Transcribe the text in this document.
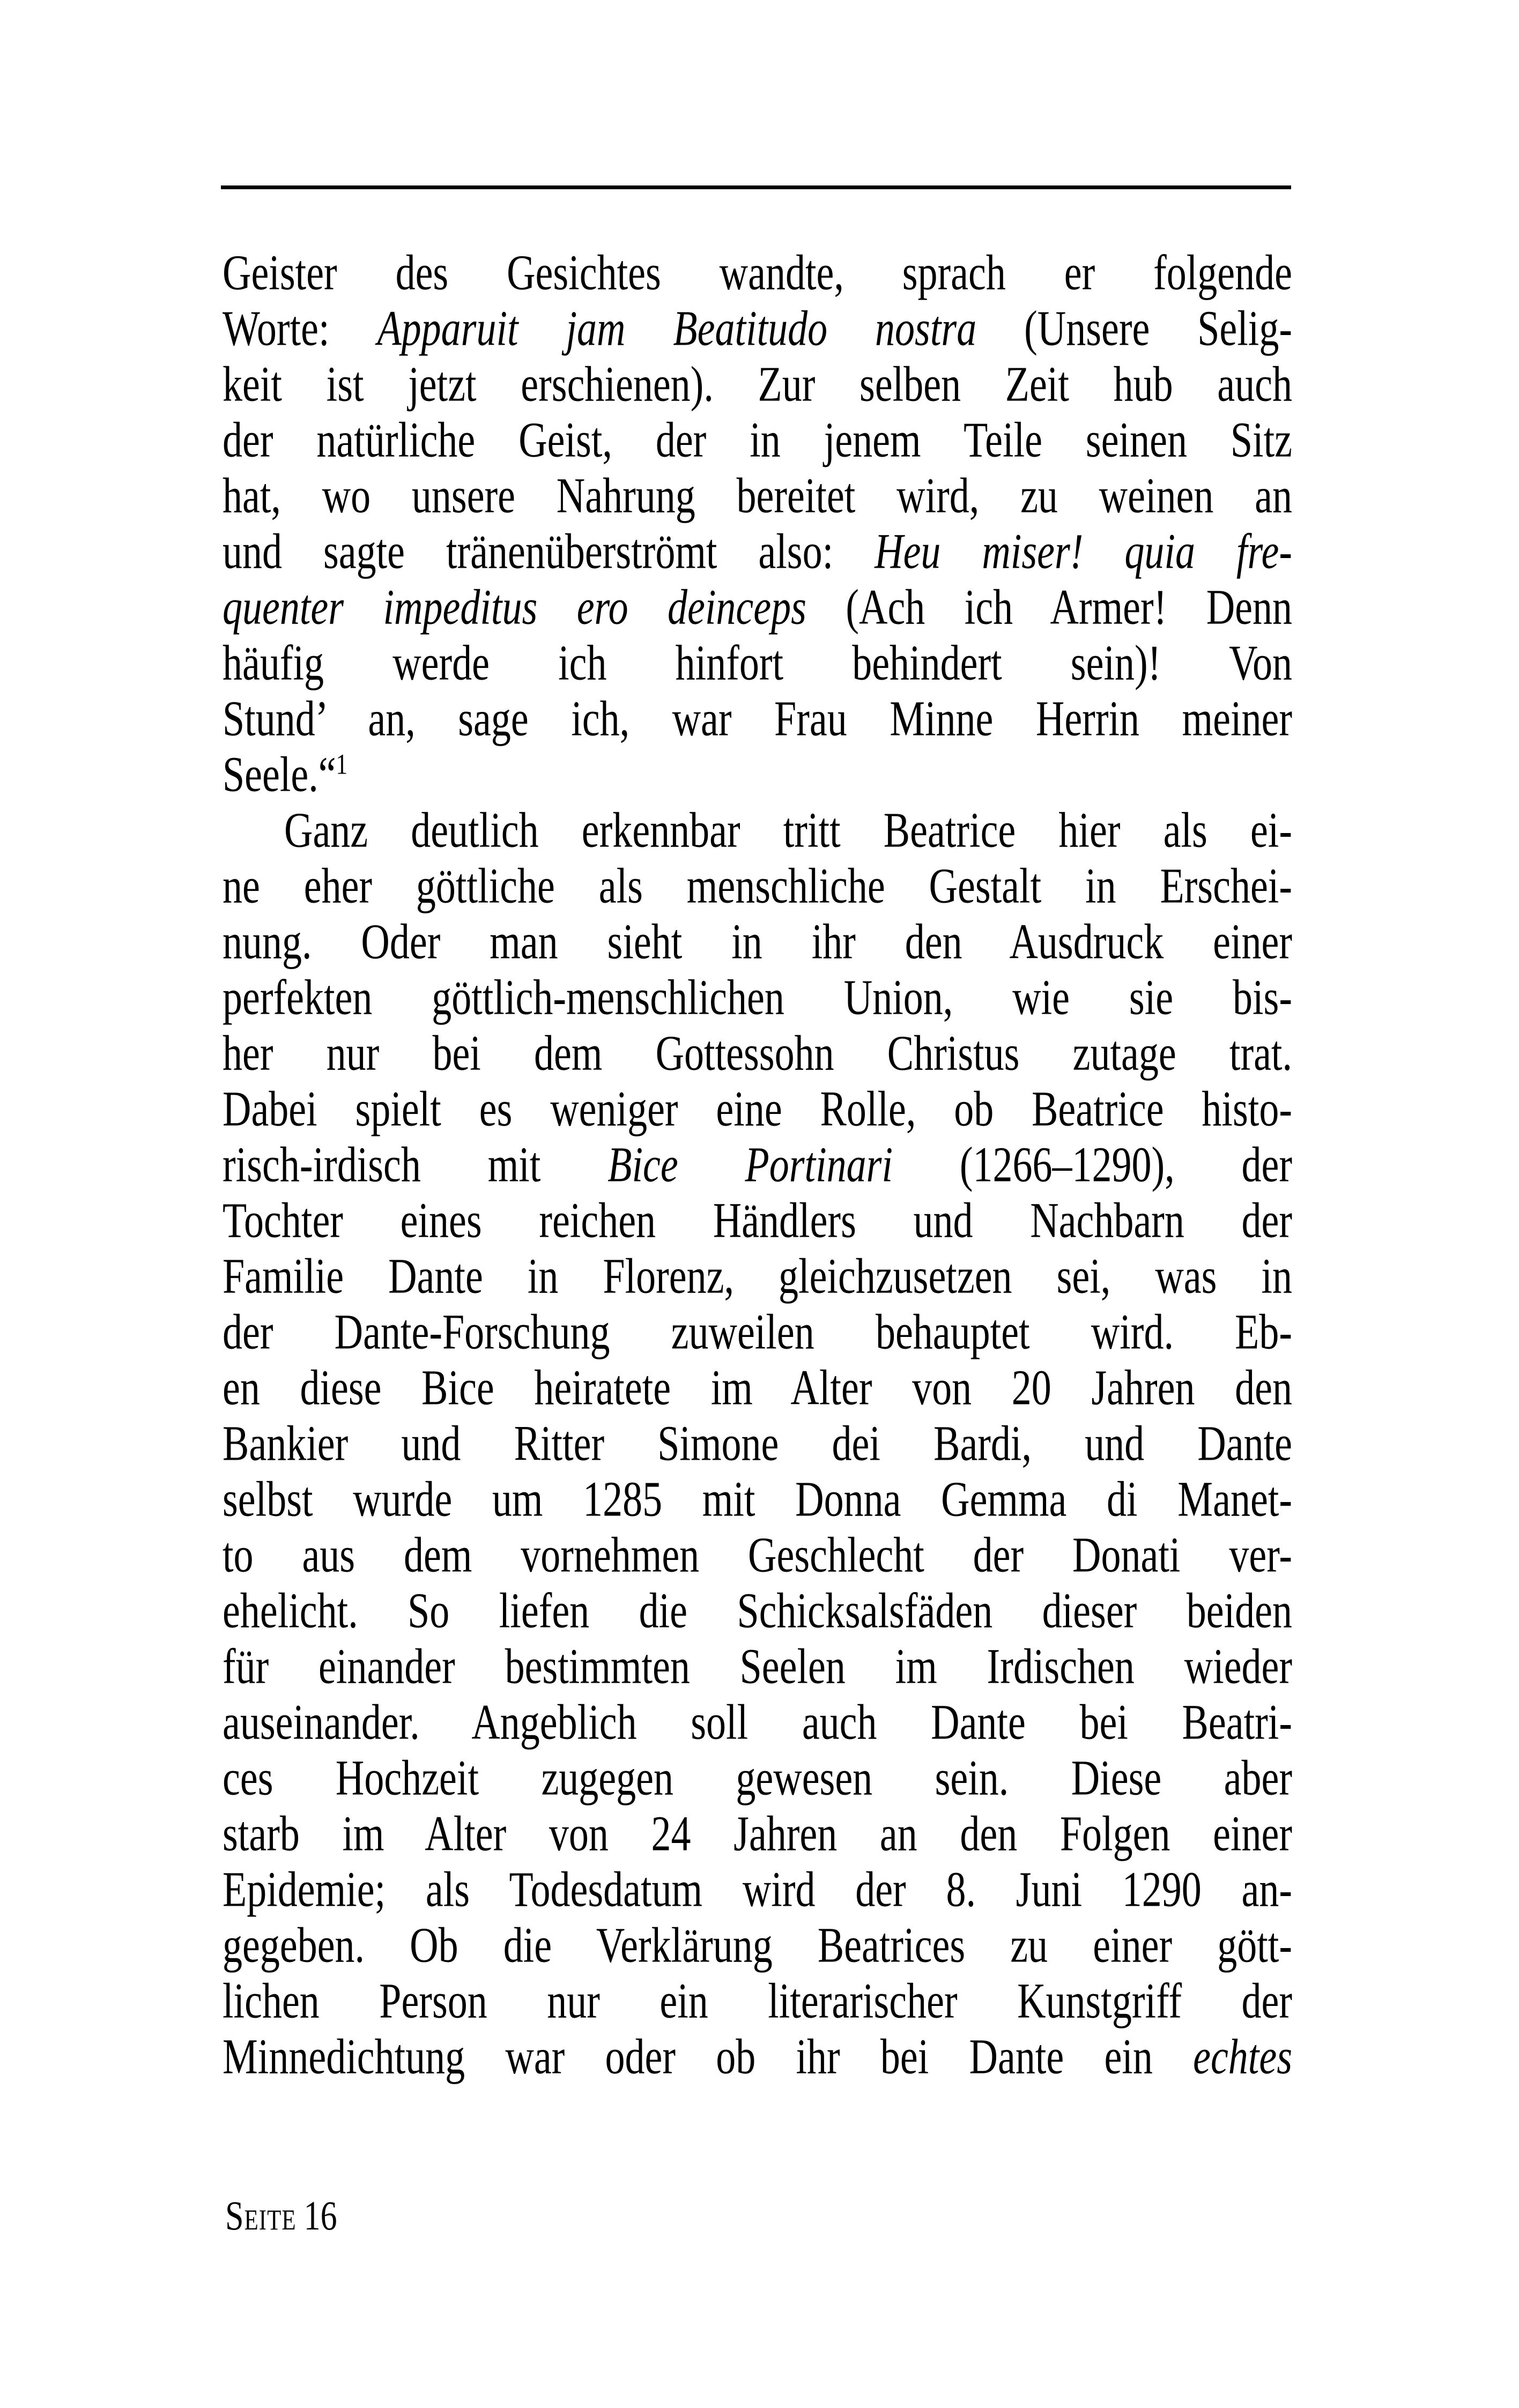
Geister des Gesichtes wandte, sprach er folgende
Worte: Apparuit jam Beatitudo nostra (Unsere Selig-
keit ist jetzt erschienen). Zur selben Zeit hub auch
der natürliche Geist, der in jenem Teile seinen Sitz
hat, wo unsere Nahrung bereitet wird, zu weinen an
und sagte tränenüberströmt also: Heu miser! quia fre-
quenter impeditus ero deinceps (Ach ich Armer! Denn
häufig werde ich hinfort behindert sein)! Von
Stund’ an, sage ich, war Frau Minne Herrin meiner
Seele.“$^1$
Ganz deutlich erkennbar tritt Beatrice hier als ei-
ne eher göttliche als menschliche Gestalt in Erschei-
nung. Oder man sieht in ihr den Ausdruck einer
perfekten göttlich-menschlichen Union, wie sie bis-
her nur bei dem Gottessohn Christus zutage trat.
Dabei spielt es weniger eine Rolle, ob Beatrice histo-
risch-irdisch mit Bice Portinari (1266–1290), der
Tochter eines reichen Händlers und Nachbarn der
Familie Dante in Florenz, gleichzusetzen sei, was in
der Dante-Forschung zuweilen behauptet wird. Eb-
en diese Bice heiratete im Alter von 20 Jahren den
Bankier und Ritter Simone dei Bardi, und Dante
selbst wurde um 1285 mit Donna Gemma di Manet-
to aus dem vornehmen Geschlecht der Donati ver-
ehelicht. So liefen die Schicksalsfäden dieser beiden
für einander bestimmten Seelen im Irdischen wieder
auseinander. Angeblich soll auch Dante bei Beatri-
ces Hochzeit zugegen gewesen sein. Diese aber
starb im Alter von 24 Jahren an den Folgen einer
Epidemie; als Todesdatum wird der 8. Juni 1290 an-
gegeben. Ob die Verklärung Beatrices zu einer gött-
lichen Person nur ein literarischer Kunstgriff der
Minnedichtung war oder ob ihr bei Dante ein echtes
Seite 16
